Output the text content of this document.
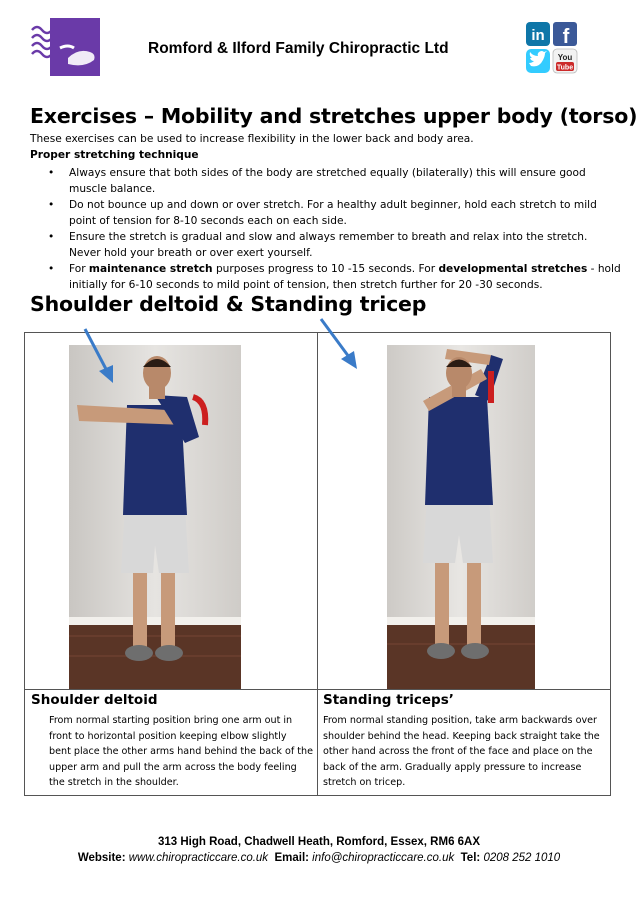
Romford & Ilford Family Chiropractic Ltd
in f
You
Tube
Exercises – Mobility and stretches upper body (torso)
These exercises can be used to increase flexibility in the lower back and body area.
Proper stretching technique
• Always ensure that both sides of the body are stretched equally (bilaterally) this will ensure good
muscle balance.
• Do not bounce up and down or over stretch. For a healthy adult beginner, hold each stretch to mild
point of tension for 8-10 seconds each on each side.
• Ensure the stretch is gradual and slow and always remember to breath and relax into the stretch.
Never hold your breath or over exert yourself.
• For maintenance stretch purposes progress to 10 -15 seconds. For developmental stretches - hold
initially for 6-10 seconds to mild point of tension, then stretch further for 20 -30 seconds.
Shoulder deltoid & Standing tricep
Shoulder deltoid
From normal starting position bring one arm out in
front to horizontal position keeping elbow slightly
bent place the other arms hand behind the back of the
upper arm and pull the arm across the body feeling
the stretch in the shoulder.
Standing triceps’
From normal standing position, take arm backwards over
shoulder behind the head. Keeping back straight take the
other hand across the front of the face and place on the
back of the arm. Gradually apply pressure to increase
stretch on tricep.
313 High Road, Chadwell Heath, Romford, Essex, RM6 6AX
Website: www.chiropracticcare.co.uk Email: info@chiropracticcare.co.uk Tel: 0208 252 1010
